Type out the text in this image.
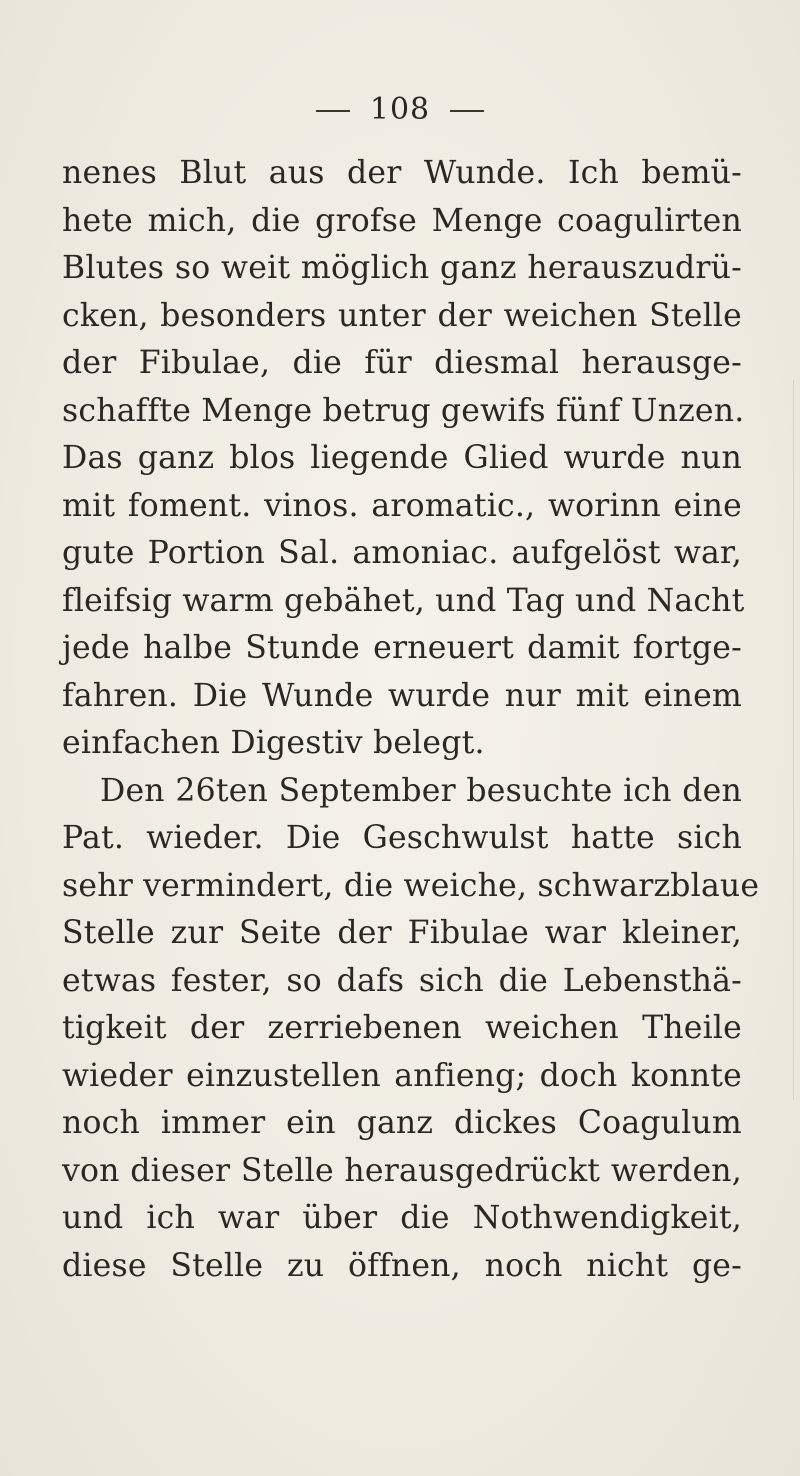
108
nenes Blut aus der Wunde. Ich bemü-
hete mich, die grofse Menge coagulirten
Blutes so weit möglich ganz herauszudrü-
cken, besonders unter der weichen Stelle
der Fibulae, die für diesmal herausge-
schaffte Menge betrug gewifs fünf Unzen.
Das ganz blos liegende Glied wurde nun
mit foment. vinos. aromatic., worinn eine
gute Portion Sal. amoniac. aufgelöst war,
fleifsig warm gebähet, und Tag und Nacht
jede halbe Stunde erneuert damit fortge-
fahren. Die Wunde wurde nur mit einem
einfachen Digestiv belegt.
Den 26ten September besuchte ich den
Pat. wieder. Die Geschwulst hatte sich
sehr vermindert, die weiche, schwarzblaue
Stelle zur Seite der Fibulae war kleiner,
etwas fester, so dafs sich die Lebensthä-
tigkeit der zerriebenen weichen Theile
wieder einzustellen anfieng; doch konnte
noch immer ein ganz dickes Coagulum
von dieser Stelle herausgedrückt werden,
und ich war über die Nothwendigkeit,
diese Stelle zu öffnen, noch nicht ge-
